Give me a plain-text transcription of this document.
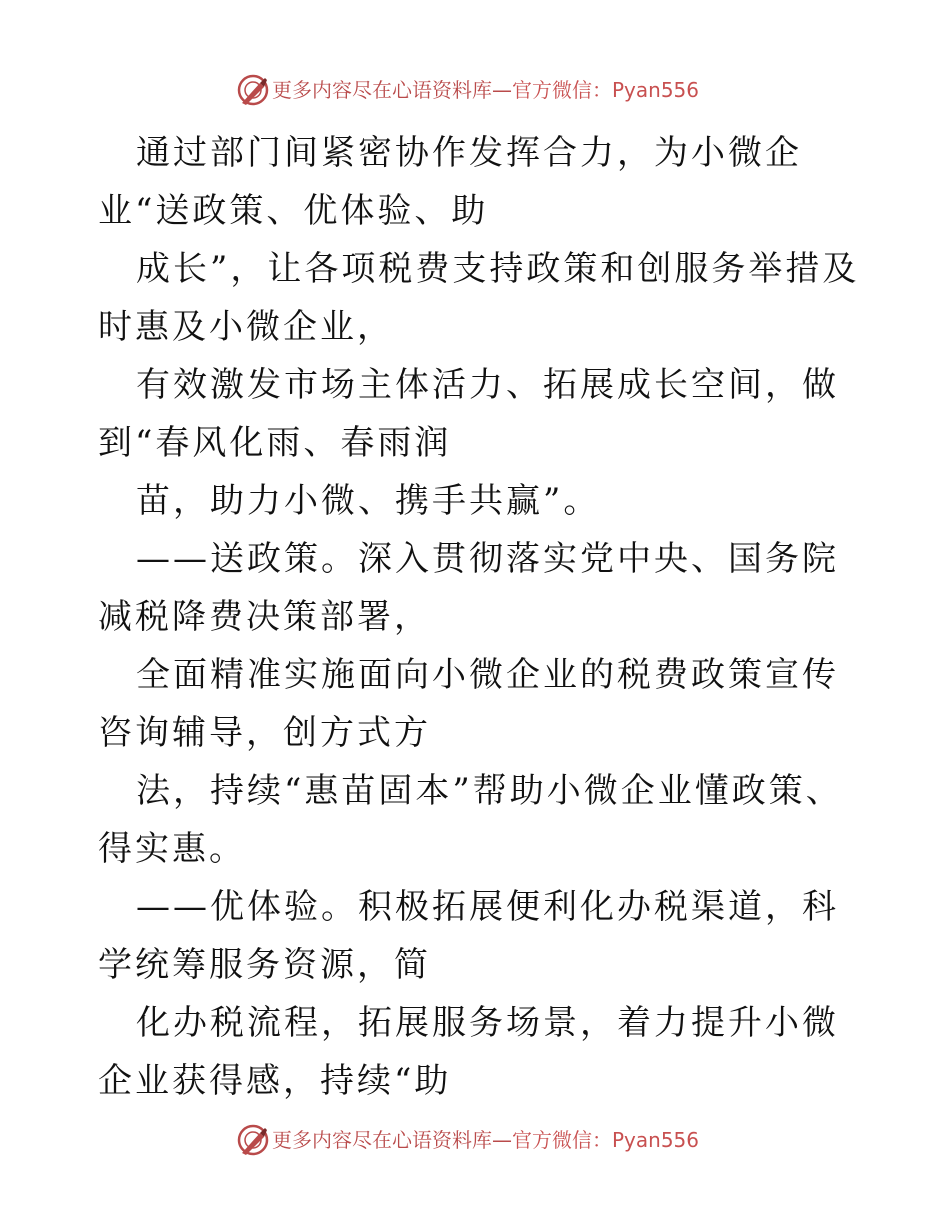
更多内容尽在心语资料库—官方微信：Pyan556

通过部门间紧密协作发挥合力，为小微企业“送政策、优体验、助

成长”，让各项税费支持政策和创服务举措及时惠及小微企业，

有效激发市场主体活力、拓展成长空间，做到“春风化雨、春雨润

苗，助力小微、携手共赢”。

——送政策。深入贯彻落实党中央、国务院减税降费决策部署，

全面精准实施面向小微企业的税费政策宣传咨询辅导，创方式方

法，持续“惠苗固本”帮助小微企业懂政策、得实惠。

——优体验。积极拓展便利化办税渠道，科学统筹服务资源，简

化办税流程，拓展服务场景，着力提升小微企业获得感，持续“助

更多内容尽在心语资料库—官方微信：Pyan556
